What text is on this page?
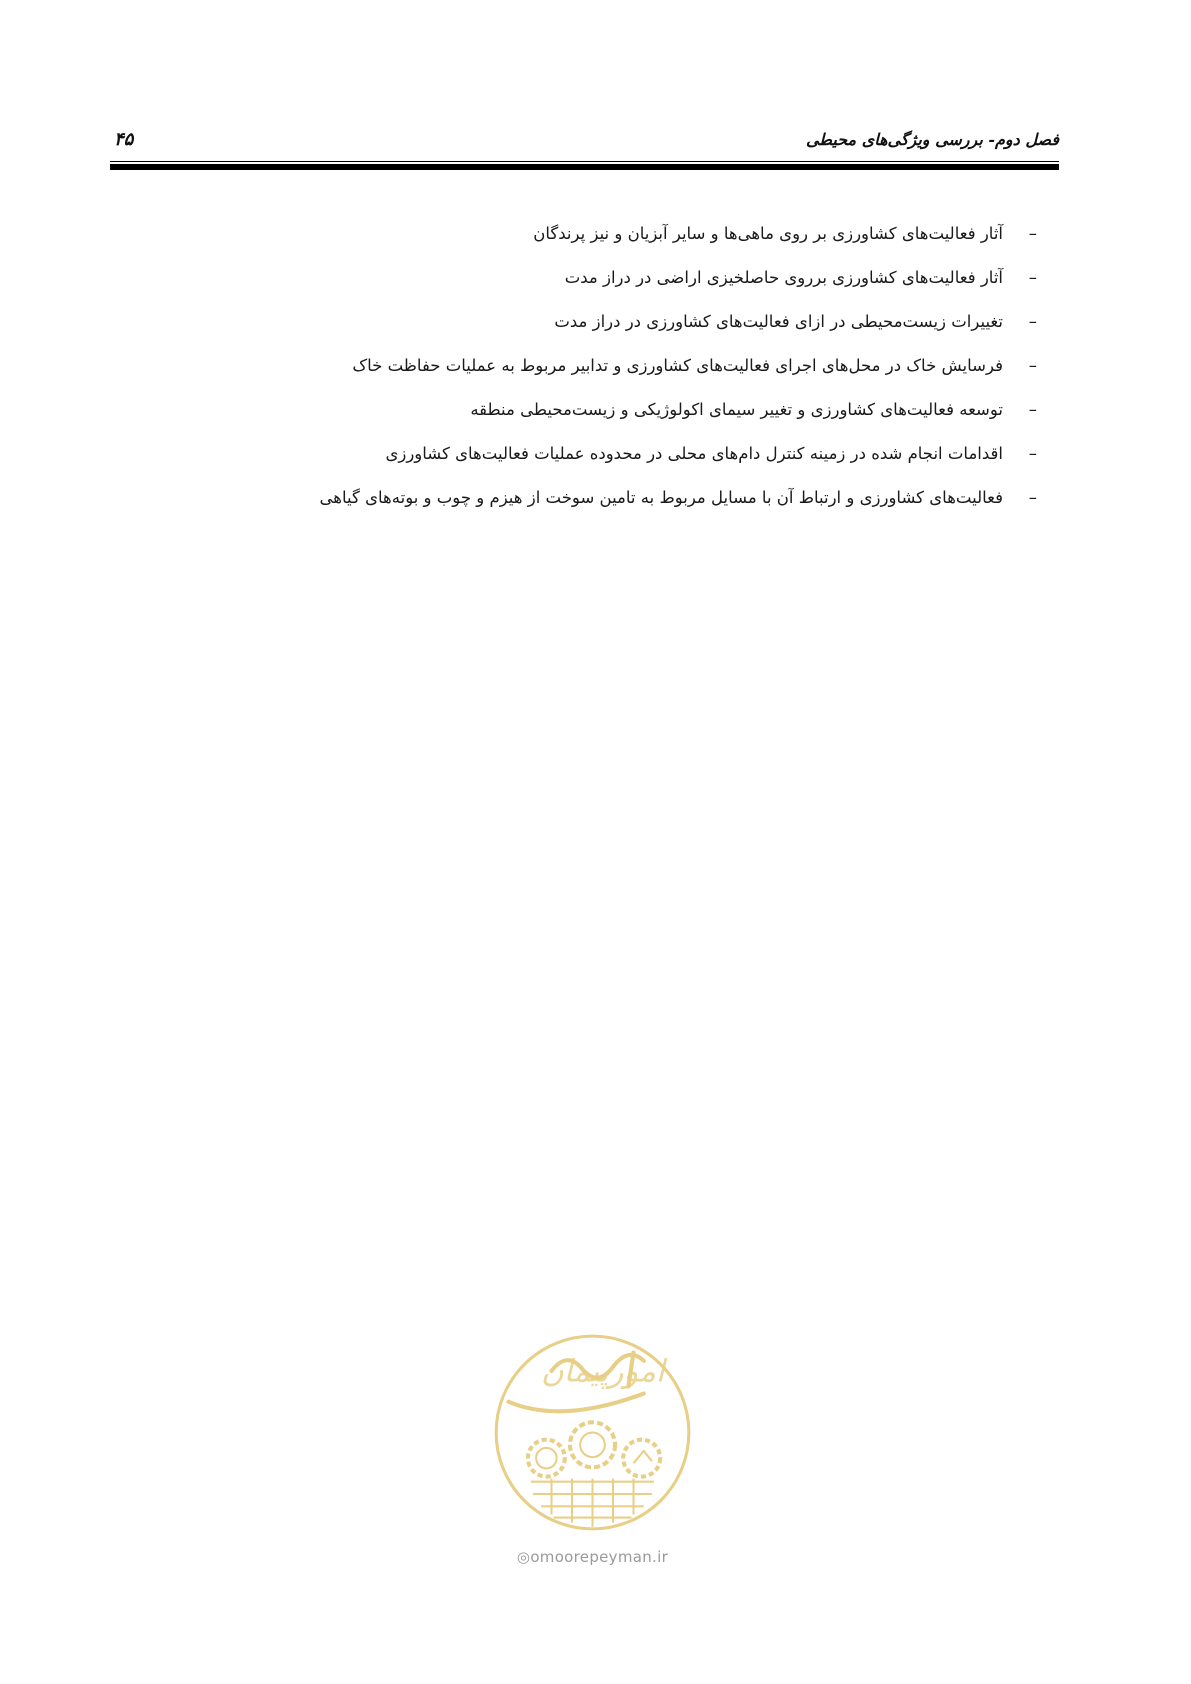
فصل دوم- بررسی ویژگی‌های محیطی
۴۵
–آثار فعالیت‌های کشاورزی بر روی ماهی‌ها و سایر آبزیان و نیز پرندگان
–آثار فعالیت‌های کشاورزی برروی حاصلخیزی اراضی در دراز مدت
–تغییرات زیست‌محیطی در ازای فعالیت‌های کشاورزی در دراز مدت
–فرسایش خاک در محل‌های اجرای فعالیت‌های کشاورزی و تدابیر مربوط به عملیات حفاظت خاک
–توسعه فعالیت‌های کشاورزی و تغییر سیمای اکولوژیکی و زیست‌محیطی منطقه
–اقدامات انجام شده در زمینه کنترل دام‌های محلی در محدوده عملیات فعالیت‌های کشاورزی
–فعالیت‌های کشاورزی و ارتباط آن با مسایل مربوط به تامین سوخت از هیزم و چوب و بوته‌های گیاهی
امورپیمان
◎omoorepeyman.ir
